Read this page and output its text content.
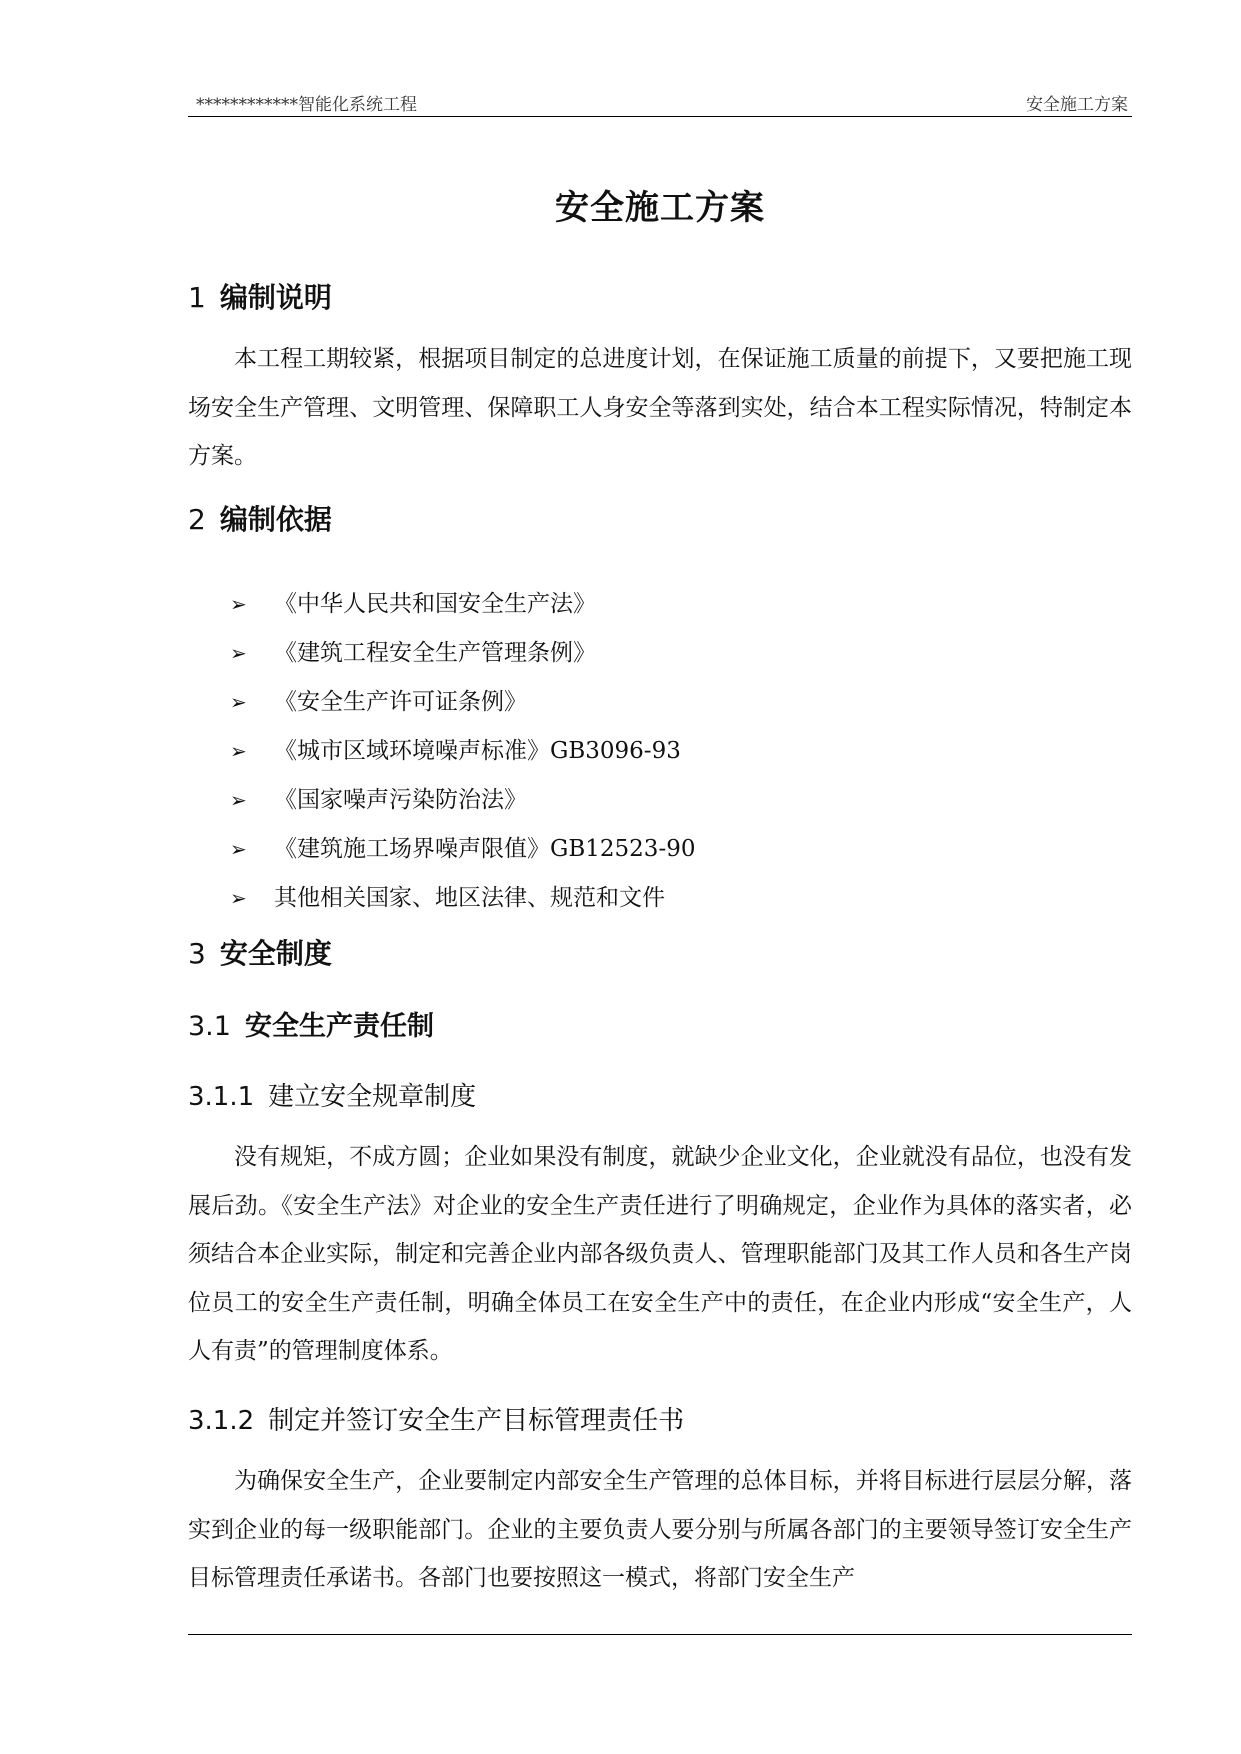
************智能化系统工程	安全施工方案
安全施工方案
1 编制说明

本工程工期较紧，根据项目制定的总进度计划，在保证施工质量的前提下，又要把施工现场安全生产管理、文明管理、保障职工人身安全等落到实处，结合本工程实际情况，特制定本方案。

2 编制依据
➢ 《中华人民共和国安全生产法》
➢ 《建筑工程安全生产管理条例》
➢ 《安全生产许可证条例》
➢ 《城市区域环境噪声标准》GB3096-93
➢ 《国家噪声污染防治法》
➢ 《建筑施工场界噪声限值》GB12523-90
➢ 其他相关国家、地区法律、规范和文件
3 安全制度
3.1 安全生产责任制
3.1.1 建立安全规章制度

没有规矩，不成方圆；企业如果没有制度，就缺少企业文化，企业就没有品位，也没有发展后劲。《安全生产法》对企业的安全生产责任进行了明确规定，企业作为具体的落实者，必须结合本企业实际，制定和完善企业内部各级负责人、管理职能部门及其工作人员和各生产岗位员工的安全生产责任制，明确全体员工在安全生产中的责任，在企业内形成“安全生产，人人有责”的管理制度体系。

3.1.2 制定并签订安全生产目标管理责任书

为确保安全生产，企业要制定内部安全生产管理的总体目标，并将目标进行层层分解，落实到企业的每一级职能部门。企业的主要负责人要分别与所属各部门的主要领导签订安全生产目标管理责任承诺书。各部门也要按照这一模式，将部门安全生产
